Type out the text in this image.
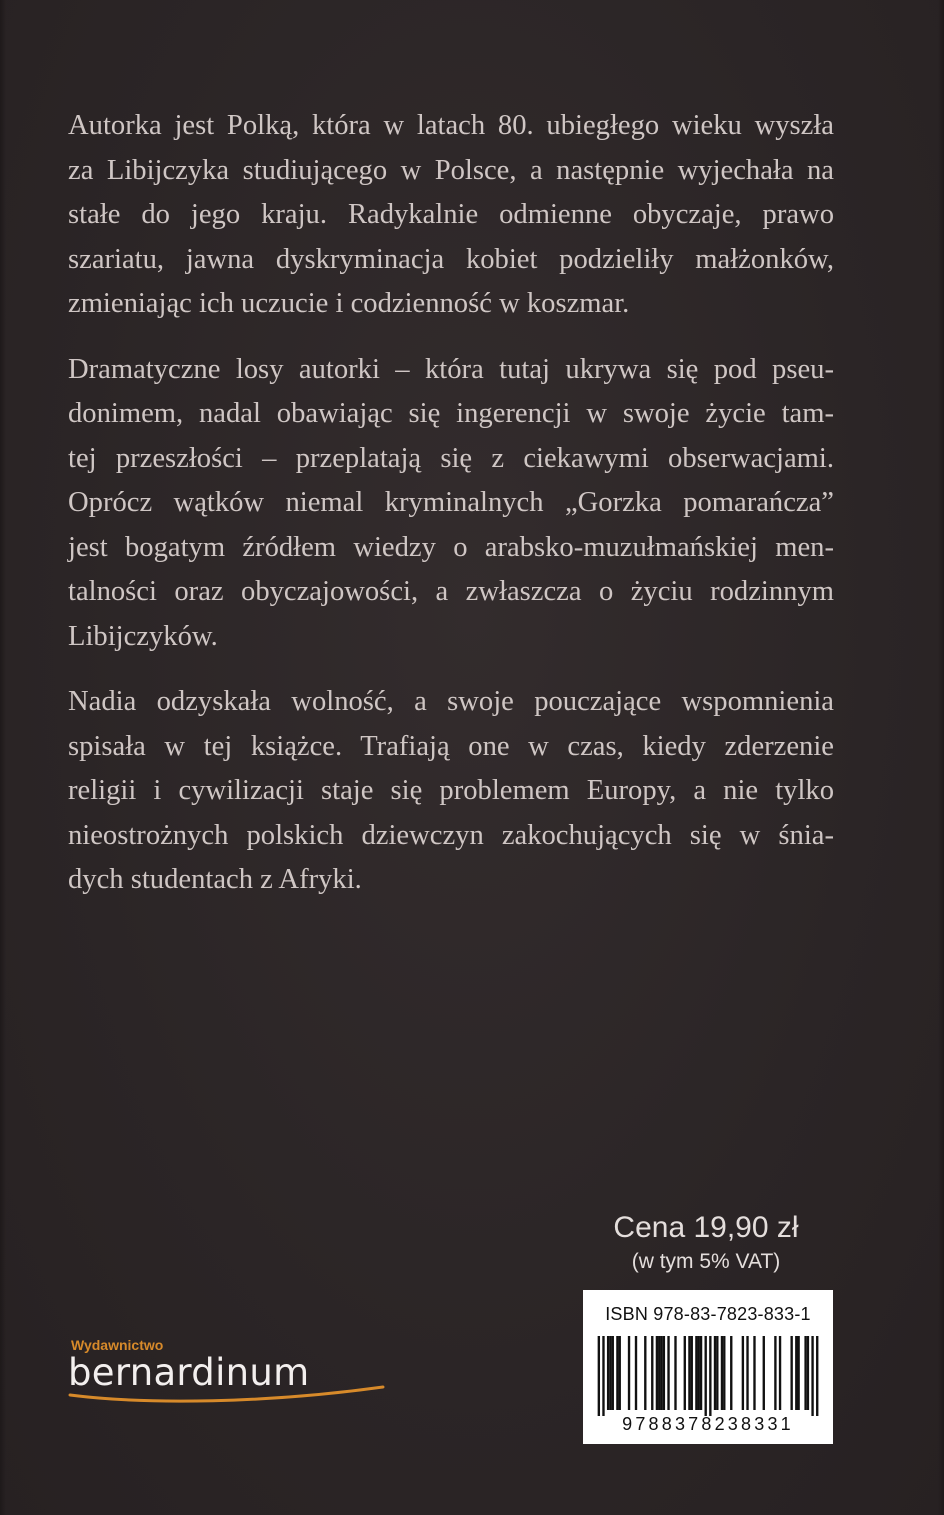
Autorka jest Polką, która w latach 80. ubiegłego wieku wyszła
za Libijczyka studiującego w Polsce, a następnie wyjechała na
stałe do jego kraju. Radykalnie odmienne obyczaje, prawo
szariatu, jawna dyskryminacja kobiet podzieliły małżonków,
zmieniając ich uczucie i codzienność w koszmar.
Dramatyczne losy autorki – która tutaj ukrywa się pod pseu-
donimem, nadal obawiając się ingerencji w swoje życie tam-
tej przeszłości – przeplatają się z ciekawymi obserwacjami.
Oprócz wątków niemal kryminalnych „Gorzka pomarańcza”
jest bogatym źródłem wiedzy o arabsko-muzułmańskiej men-
talności oraz obyczajowości, a zwłaszcza o życiu rodzinnym
Libijczyków.
Nadia odzyskała wolność, a swoje pouczające wspomnienia
spisała w tej książce. Trafiają one w czas, kiedy zderzenie
religii i cywilizacji staje się problemem Europy, a nie tylko
nieostrożnych polskich dziewczyn zakochujących się w śnia-
dych studentach z Afryki.
Cena 19,90 zł
(w tym 5% VAT)
ISBN 978-83-7823-833-1
9788378238331
Wydawnictwo
bernardinum
